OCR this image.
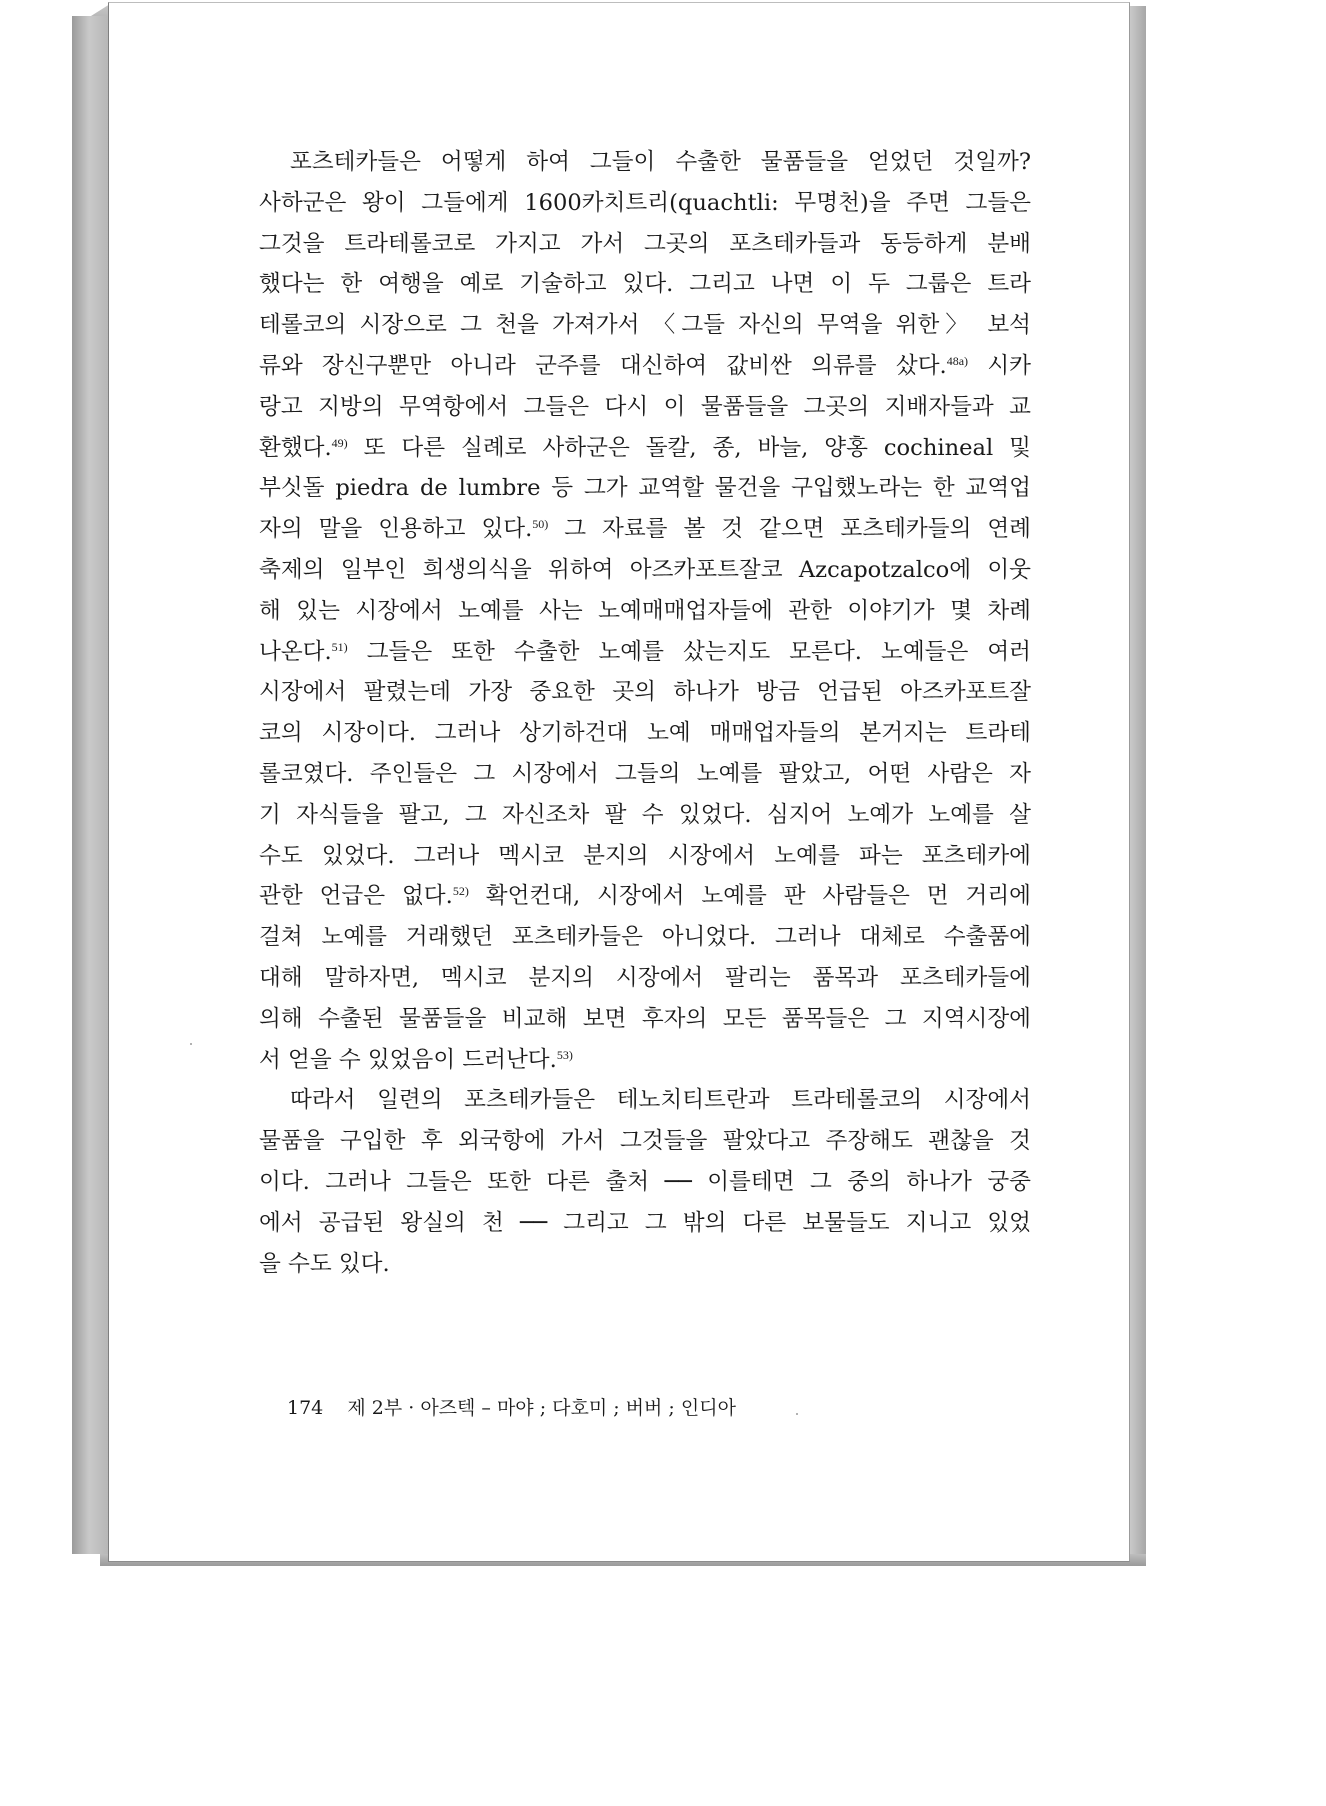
포츠테카들은 어떻게 하여 그들이 수출한 물품들을 얻었던 것일까?
사하군은 왕이 그들에게 1600카치트리(quachtli: 무명천)을 주면 그들은
그것을 트라테롤코로 가지고 가서 그곳의 포츠테카들과 동등하게 분배
했다는 한 여행을 예로 기술하고 있다. 그리고 나면 이 두 그룹은 트라
테롤코의 시장으로 그 천을 가져가서 〈그들 자신의 무역을 위한〉 보석
류와 장신구뿐만 아니라 군주를 대신하여 값비싼 의류를 샀다.$^{48a)}$ 시카
랑고 지방의 무역항에서 그들은 다시 이 물품들을 그곳의 지배자들과 교
환했다.$^{49)}$ 또 다른 실례로 사하군은 돌칼, 종, 바늘, 양홍 cochineal 및
부싯돌 piedra de lumbre 등 그가 교역할 물건을 구입했노라는 한 교역업
자의 말을 인용하고 있다.$^{50)}$ 그 자료를 볼 것 같으면 포츠테카들의 연례
축제의 일부인 희생의식을 위하여 아즈카포트잘코 Azcapotzalco에 이웃
해 있는 시장에서 노예를 사는 노예매매업자들에 관한 이야기가 몇 차례
나온다.$^{51)}$ 그들은 또한 수출한 노예를 샀는지도 모른다. 노예들은 여러
시장에서 팔렸는데 가장 중요한 곳의 하나가 방금 언급된 아즈카포트잘
코의 시장이다. 그러나 상기하건대 노예 매매업자들의 본거지는 트라테
롤코였다. 주인들은 그 시장에서 그들의 노예를 팔았고, 어떤 사람은 자
기 자식들을 팔고, 그 자신조차 팔 수 있었다. 심지어 노예가 노예를 살
수도 있었다. 그러나 멕시코 분지의 시장에서 노예를 파는 포츠테카에
관한 언급은 없다.$^{52)}$ 확언컨대, 시장에서 노예를 판 사람들은 먼 거리에
걸쳐 노예를 거래했던 포츠테카들은 아니었다. 그러나 대체로 수출품에
대해 말하자면, 멕시코 분지의 시장에서 팔리는 품목과 포츠테카들에
의해 수출된 물품들을 비교해 보면 후자의 모든 품목들은 그 지역시장에
서 얻을 수 있었음이 드러난다.$^{53)}$
따라서 일련의 포츠테카들은 테노치티트란과 트라테롤코의 시장에서
물품을 구입한 후 외국항에 가서 그것들을 팔았다고 주장해도 괜찮을 것
이다. 그러나 그들은 또한 다른 출처 ── 이를테면 그 중의 하나가 궁중
에서 공급된 왕실의 천 ── 그리고 그 밖의 다른 보물들도 지니고 있었
을 수도 있다.
174 제 2부 · 아즈텍 – 마야 ; 다호미 ; 버버 ; 인디아
